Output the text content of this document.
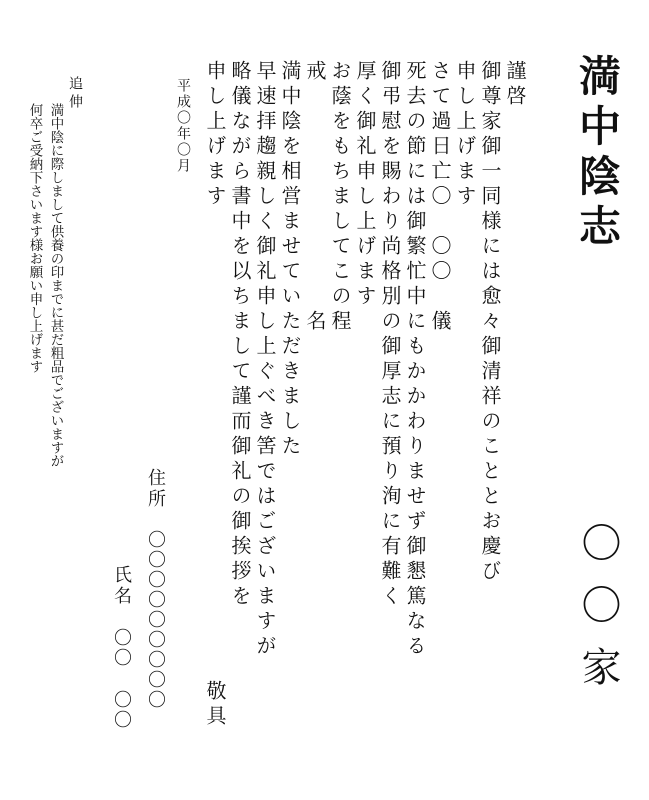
満中陰志
〇〇家
謹啓
御尊家御一同様には愈々御清祥のこととお慶び
申し上げます
さて過日亡〇　〇〇　儀
死去の節には御繁忙中にもかかわりませず御懇篤なる
御弔慰を賜わり尚格別の御厚志に預り洵に有難く
厚く御礼申し上げます
お蔭をもちましてこの程
戒　　　　　　　　　名
満中陰を相営ませていただきました
早速拝趨親しく御礼申し上ぐべき筈ではございますが
略儀ながら書中を以ちまして謹而御礼の御挨拶を
申し上げます
敬具
平成〇年〇月
住所
〇〇〇〇〇〇〇〇〇
氏名
〇〇
〇〇
追伸
満中陰に際しまして供養の印までに甚だ粗品でございますが
何卒ご受納下さいます様お願い申し上げます
